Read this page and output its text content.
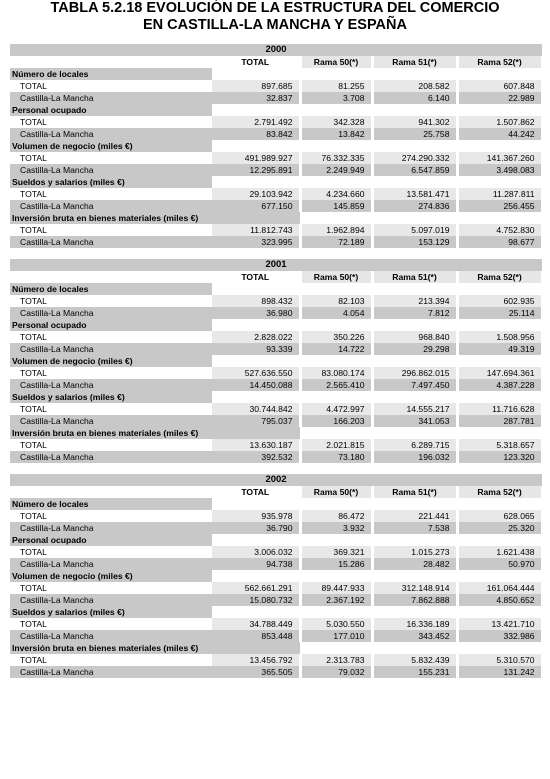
TABLA 5.2.18 EVOLUCIÓN DE LA ESTRUCTURA DEL COMERCIO
EN CASTILLA-LA MANCHA Y ESPAÑA
2000				
	TOTAL	Rama 50(*)	Rama 51(*)	Rama 52(*)
Número de locales				
TOTAL	897.685	81.255	208.582	607.848
Castilla-La Mancha	32.837	3.708	6.140	22.989
Personal ocupado				
TOTAL	2.791.492	342.328	941.302	1.507.862
Castilla-La Mancha	83.842	13.842	25.758	44.242
Volumen de negocio (miles €)				
TOTAL	491.989.927	76.332.335	274.290.332	141.367.260
Castilla-La Mancha	12.295.891	2.249.949	6.547.859	3.498.083
Sueldos y salarios (miles €)				
TOTAL	29.103.942	4.234.660	13.581.471	11.287.811
Castilla-La Mancha	677.150	145.859	274.836	256.455
Inversión bruta en bienes materiales (miles €)				
TOTAL	11.812.743	1.962.894	5.097.019	4.752.830
Castilla-La Mancha	323.995	72.189	153.129	98.677
2001				
	TOTAL	Rama 50(*)	Rama 51(*)	Rama 52(*)
Número de locales				
TOTAL	898.432	82.103	213.394	602.935
Castilla-La Mancha	36.980	4.054	7.812	25.114
Personal ocupado				
TOTAL	2.828.022	350.226	968.840	1.508.956
Castilla-La Mancha	93.339	14.722	29.298	49.319
Volumen de negocio (miles €)				
TOTAL	527.636.550	83.080.174	296.862.015	147.694.361
Castilla-La Mancha	14.450.088	2.565.410	7.497.450	4.387.228
Sueldos y salarios (miles €)				
TOTAL	30.744.842	4.472.997	14.555.217	11.716.628
Castilla-La Mancha	795.037	166.203	341.053	287.781
Inversión bruta en bienes materiales (miles €)				
TOTAL	13.630.187	2.021.815	6.289.715	5.318.657
Castilla-La Mancha	392.532	73.180	196.032	123.320
2002				
	TOTAL	Rama 50(*)	Rama 51(*)	Rama 52(*)
Número de locales				
TOTAL	935.978	86.472	221.441	628.065
Castilla-La Mancha	36.790	3.932	7.538	25.320
Personal ocupado				
TOTAL	3.006.032	369.321	1.015.273	1.621.438
Castilla-La Mancha	94.738	15.286	28.482	50.970
Volumen de negocio (miles €)				
TOTAL	562.661.291	89.447.933	312.148.914	161.064.444
Castilla-La Mancha	15.080.732	2.367.192	7.862.888	4.850.652
Sueldos y salarios (miles €)				
TOTAL	34.788.449	5.030.550	16.336.189	13.421.710
Castilla-La Mancha	853.448	177.010	343.452	332.986
Inversión bruta en bienes materiales (miles €)				
TOTAL	13.456.792	2.313.783	5.832.439	5.310.570
Castilla-La Mancha	365.505	79.032	155.231	131.242
